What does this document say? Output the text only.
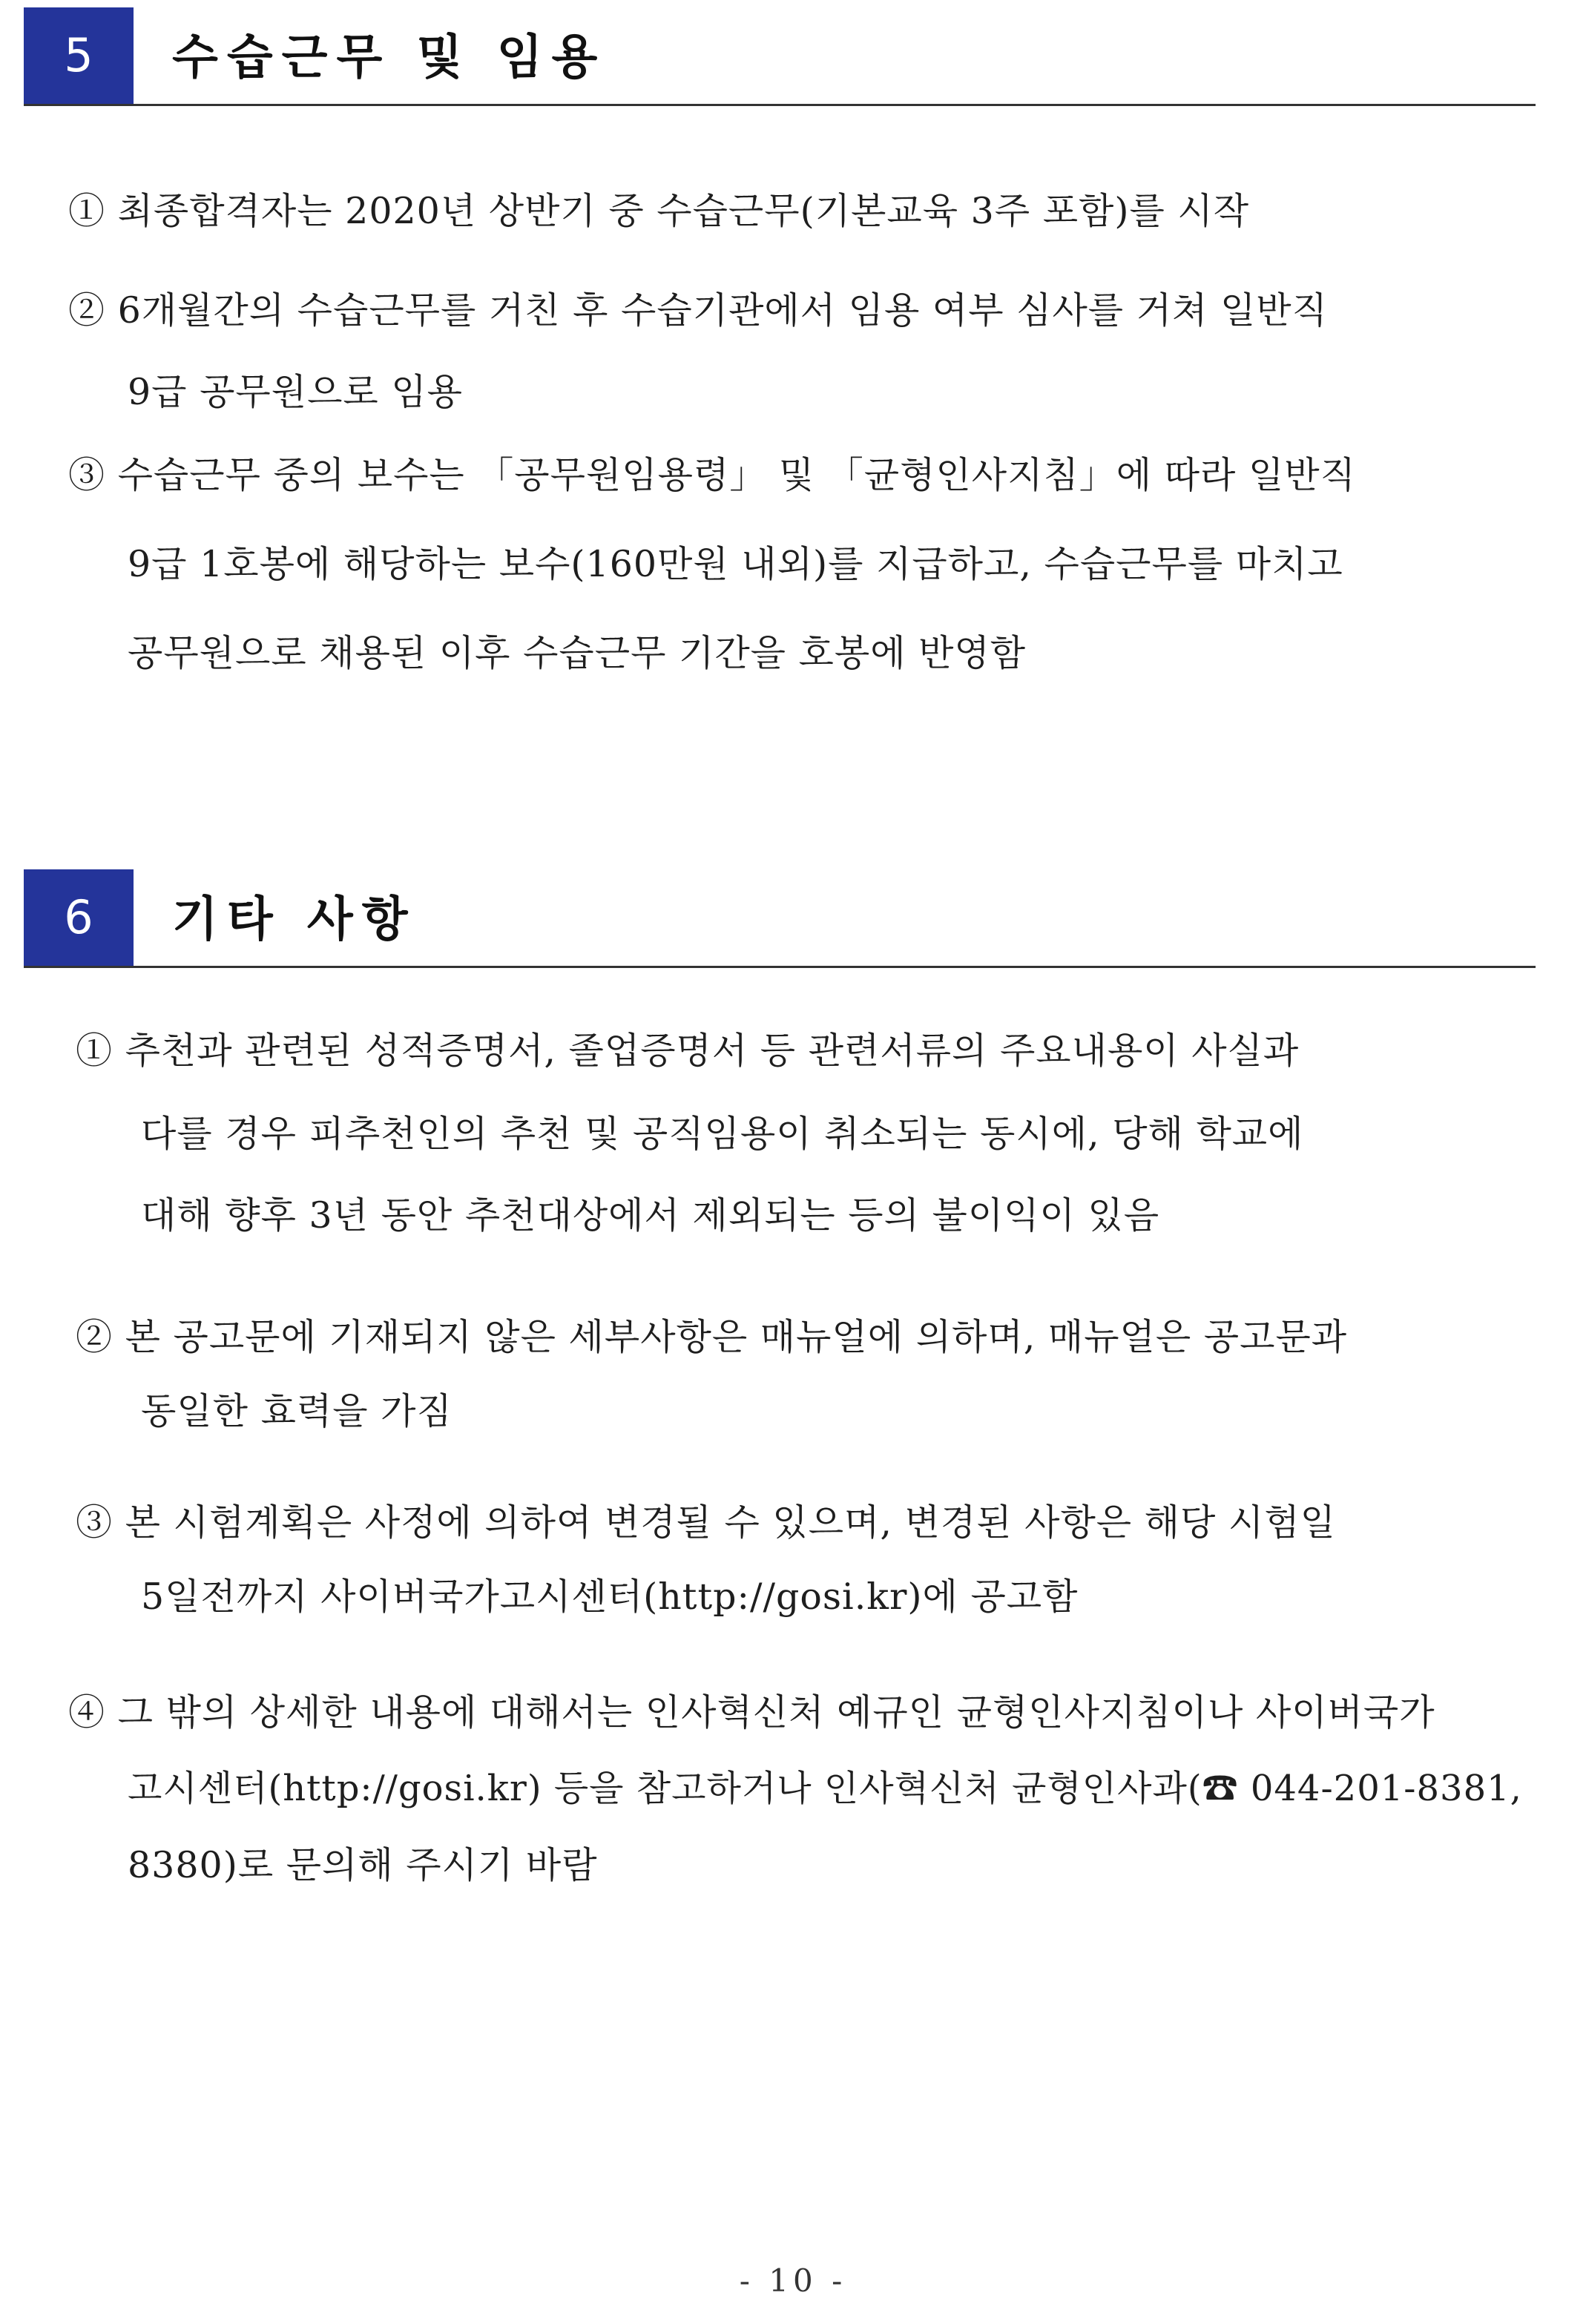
5	수습근무 및 임용
① 최종합격자는 2020년 상반기 중 수습근무(기본교육 3주 포함)를 시작
② 6개월간의 수습근무를 거친 후 수습기관에서 임용 여부 심사를 거쳐 일반직
9급 공무원으로 임용
③ 수습근무 중의 보수는 「공무원임용령」 및 「균형인사지침」에 따라 일반직
9급 1호봉에 해당하는 보수(160만원 내외)를 지급하고, 수습근무를 마치고
공무원으로 채용된 이후 수습근무 기간을 호봉에 반영함
6	기타 사항
① 추천과 관련된 성적증명서, 졸업증명서 등 관련서류의 주요내용이 사실과
다를 경우 피추천인의 추천 및 공직임용이 취소되는 동시에, 당해 학교에
대해 향후 3년 동안 추천대상에서 제외되는 등의 불이익이 있음
② 본 공고문에 기재되지 않은 세부사항은 매뉴얼에 의하며, 매뉴얼은 공고문과
동일한 효력을 가짐
③ 본 시험계획은 사정에 의하여 변경될 수 있으며, 변경된 사항은 해당 시험일
5일전까지 사이버국가고시센터(http://gosi.kr)에 공고함
④ 그 밖의 상세한 내용에 대해서는 인사혁신처 예규인 균형인사지침이나 사이버국가
고시센터(http://gosi.kr) 등을 참고하거나 인사혁신처 균형인사과(☎ 044-201-8381,
8380)로 문의해 주시기 바람
- 10 -
